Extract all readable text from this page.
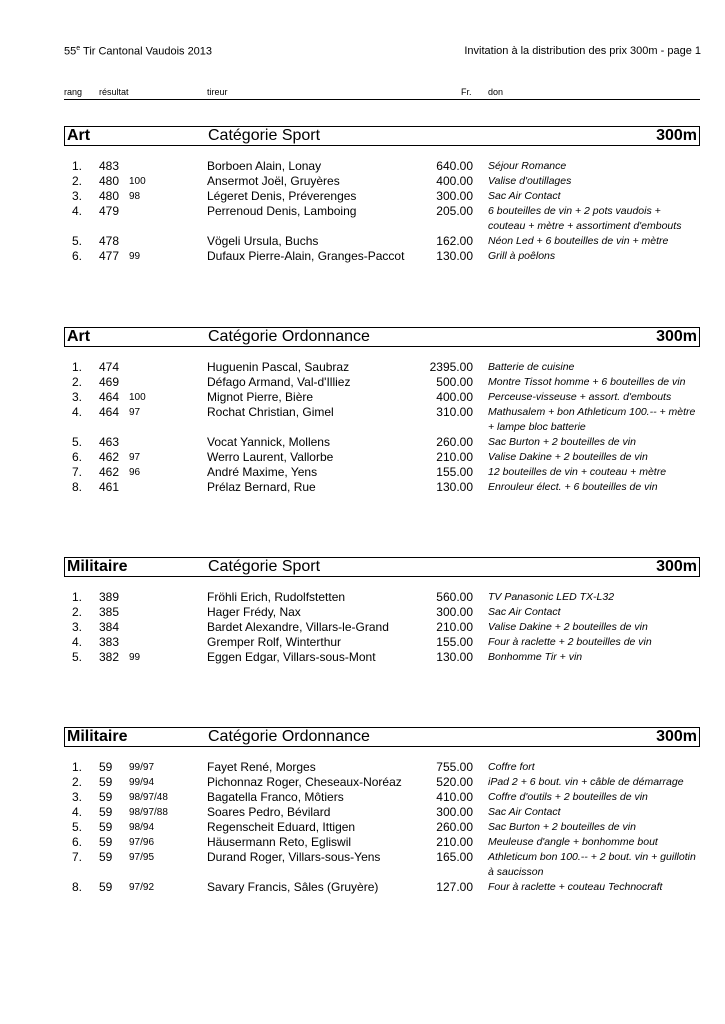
55e Tir Cantonal Vaudois 2013	Invitation à la distribution des prix 300m - page 1
rang résultat	tireur	Fr. don
Art	Catégorie Sport	300m
1. 483	Borboen Alain, Lonay	640.00 Séjour Romance
2. 480 100	Ansermot Joël, Gruyères	400.00 Valise d'outillages
3. 480 98	Légeret Denis, Préverenges	300.00 Sac Air Contact
4. 479	Perrenoud Denis, Lamboing	205.00 6 bouteilles de vin + 2 pots vaudois + couteau + mètre + assortiment d'embouts
5. 478	Vögeli Ursula, Buchs	162.00 Néon Led + 6 bouteilles de vin + mètre
6. 477 99	Dufaux Pierre-Alain, Granges-Paccot	130.00 Grill à poêlons
Art	Catégorie Ordonnance	300m
1. 474	Huguenin Pascal, Saubraz	2395.00 Batterie de cuisine
2. 469	Défago Armand, Val-d'Illiez	500.00 Montre Tissot homme + 6 bouteilles de vin
3. 464 100	Mignot Pierre, Bière	400.00 Perceuse-visseuse + assort. d'embouts
4. 464 97	Rochat Christian, Gimel	310.00 Mathusalem + bon Athleticum 100.-- + mètre + lampe bloc batterie
5. 463	Vocat Yannick, Mollens	260.00 Sac Burton + 2 bouteilles de vin
6. 462 97	Werro Laurent, Vallorbe	210.00 Valise Dakine + 2 bouteilles de vin
7. 462 96	André Maxime, Yens	155.00 12 bouteilles de vin + couteau + mètre
8. 461	Prélaz Bernard, Rue	130.00 Enrouleur élect. + 6 bouteilles de vin
Militaire	Catégorie Sport	300m
1. 389	Fröhli Erich, Rudolfstetten	560.00 TV Panasonic LED TX-L32
2. 385	Hager Frédy, Nax	300.00 Sac Air Contact
3. 384	Bardet Alexandre, Villars-le-Grand	210.00 Valise Dakine + 2 bouteilles de vin
4. 383	Gremper Rolf, Winterthur	155.00 Four à raclette + 2 bouteilles de vin
5. 382 99	Eggen Edgar, Villars-sous-Mont	130.00 Bonhomme Tir + vin
Militaire	Catégorie Ordonnance	300m
1. 59 99/97	Fayet René, Morges	755.00 Coffre fort
2. 59 99/94	Pichonnaz Roger, Cheseaux-Noréaz	520.00 iPad 2 + 6 bout. vin + câble de démarrage
3. 59 98/97/48	Bagatella Franco, Môtiers	410.00 Coffre d'outils + 2 bouteilles de vin
4. 59 98/97/88	Soares Pedro, Bévilard	300.00 Sac Air Contact
5. 59 98/94	Regenscheit Eduard, Ittigen	260.00 Sac Burton + 2 bouteilles de vin
6. 59 97/96	Häusermann Reto, Egliswil	210.00 Meuleuse d'angle + bonhomme bout
7. 59 97/95	Durand Roger, Villars-sous-Yens	165.00 Athleticum bon 100.-- + 2 bout. vin + guillotin à saucisson
8. 59 97/92	Savary Francis, Sâles (Gruyère)	127.00 Four à raclette + couteau Technocraft
